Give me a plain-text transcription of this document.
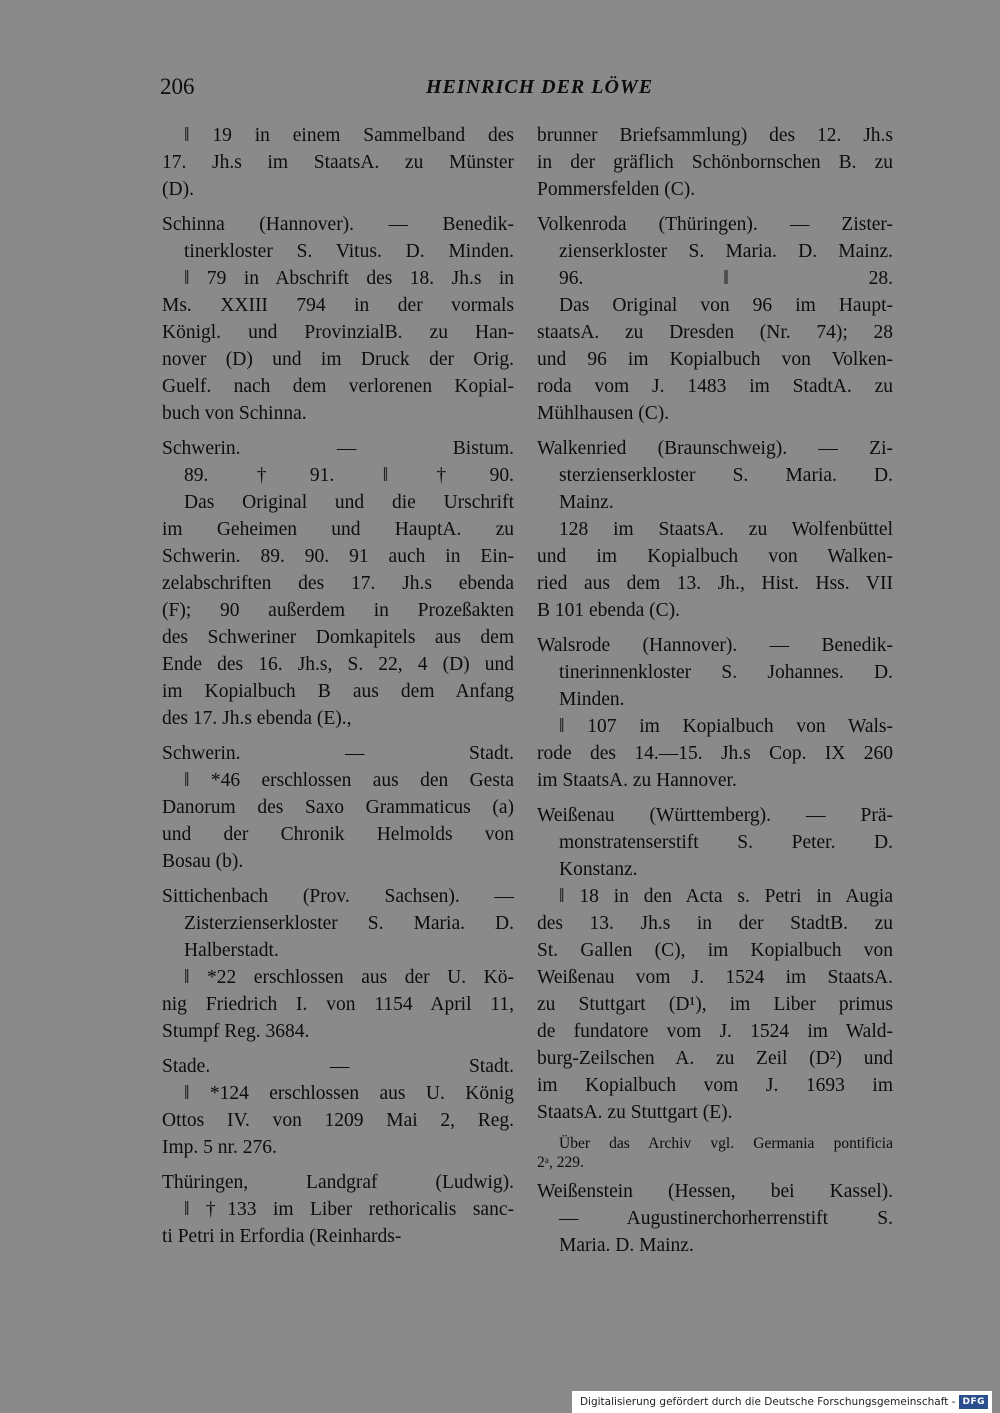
206	HEINRICH DER LÖWE
‖ 19 in einem Sammelband des
17. Jh.s im StaatsA. zu Münster
(D).
Schinna (Hannover). — Benedik-
tinerkloster S. Vitus. D. Minden.
‖ 79 in Abschrift des 18. Jh.s in
Ms. XXIII 794 in der vormals
Königl. und ProvinzialB. zu Han-
nover (D) und im Druck der Orig.
Guelf. nach dem verlorenen Kopial-
buch von Schinna.
Schwerin. — Bistum.
89. †91. ‖ †90.
Das Original und die Urschrift
im Geheimen und HauptA. zu
Schwerin. 89. 90. 91 auch in Ein-
zelabschriften des 17. Jh.s ebenda
(F); 90 außerdem in Prozeßakten
des Schweriner Domkapitels aus dem
Ende des 16. Jh.s, S. 22, 4 (D) und
im Kopialbuch B aus dem Anfang
des 17. Jh.s ebenda (E).,
Schwerin. — Stadt.
‖ *46 erschlossen aus den Gesta
Danorum des Saxo Grammaticus (a)
und der Chronik Helmolds von
Bosau (b).
Sittichenbach (Prov. Sachsen). —
Zisterzienserkloster S. Maria. D.
Halberstadt.
‖ *22 erschlossen aus der U. Kö-
nig Friedrich I. von 1154 April 11,
Stumpf Reg. 3684.
Stade. — Stadt.
‖ *124 erschlossen aus U. König
Ottos IV. von 1209 Mai 2, Reg.
Imp. 5 nr. 276.
Thüringen, Landgraf (Ludwig).
‖ †133 im Liber rethoricalis sanc-
ti Petri in Erfordia (Reinhards-
brunner Briefsammlung) des 12. Jh.s
in der gräflich Schönbornschen B. zu
Pommersfelden (C).
Volkenroda (Thüringen). — Zister-
zienserkloster S. Maria. D. Mainz.
96. ‖ 28.
Das Original von 96 im Haupt-
staatsA. zu Dresden (Nr. 74); 28
und 96 im Kopialbuch von Volken-
roda vom J. 1483 im StadtA. zu
Mühlhausen (C).
Walkenried (Braunschweig). — Zi-
sterzienserkloster S. Maria. D.
Mainz.
128 im StaatsA. zu Wolfenbüttel
und im Kopialbuch von Walken-
ried aus dem 13. Jh., Hist. Hss. VII
B 101 ebenda (C).
Walsrode (Hannover). — Benedik-
tinerinnenkloster S. Johannes. D.
Minden.
‖ 107 im Kopialbuch von Wals-
rode des 14.—15. Jh.s Cop. IX 260
im StaatsA. zu Hannover.
Weißenau (Württemberg). — Prä-
monstratenserstift S. Peter. D.
Konstanz.
‖ 18 in den Acta s. Petri in Augia
des 13. Jh.s in der StadtB. zu
St. Gallen (C), im Kopialbuch von
Weißenau vom J. 1524 im StaatsA.
zu Stuttgart (D¹), im Liber primus
de fundatore vom J. 1524 im Wald-
burg-Zeilschen A. zu Zeil (D²) und
im Kopialbuch vom J. 1693 im
StaatsA. zu Stuttgart (E).
Über das Archiv vgl. Germania pontificia
2ᵃ, 229.
Weißenstein (Hessen, bei Kassel).
— Augustinerchorherrenstift S.
Maria. D. Mainz.
Digitalisierung gefördert durch die Deutsche Forschungsgemeinschaft - DFG
